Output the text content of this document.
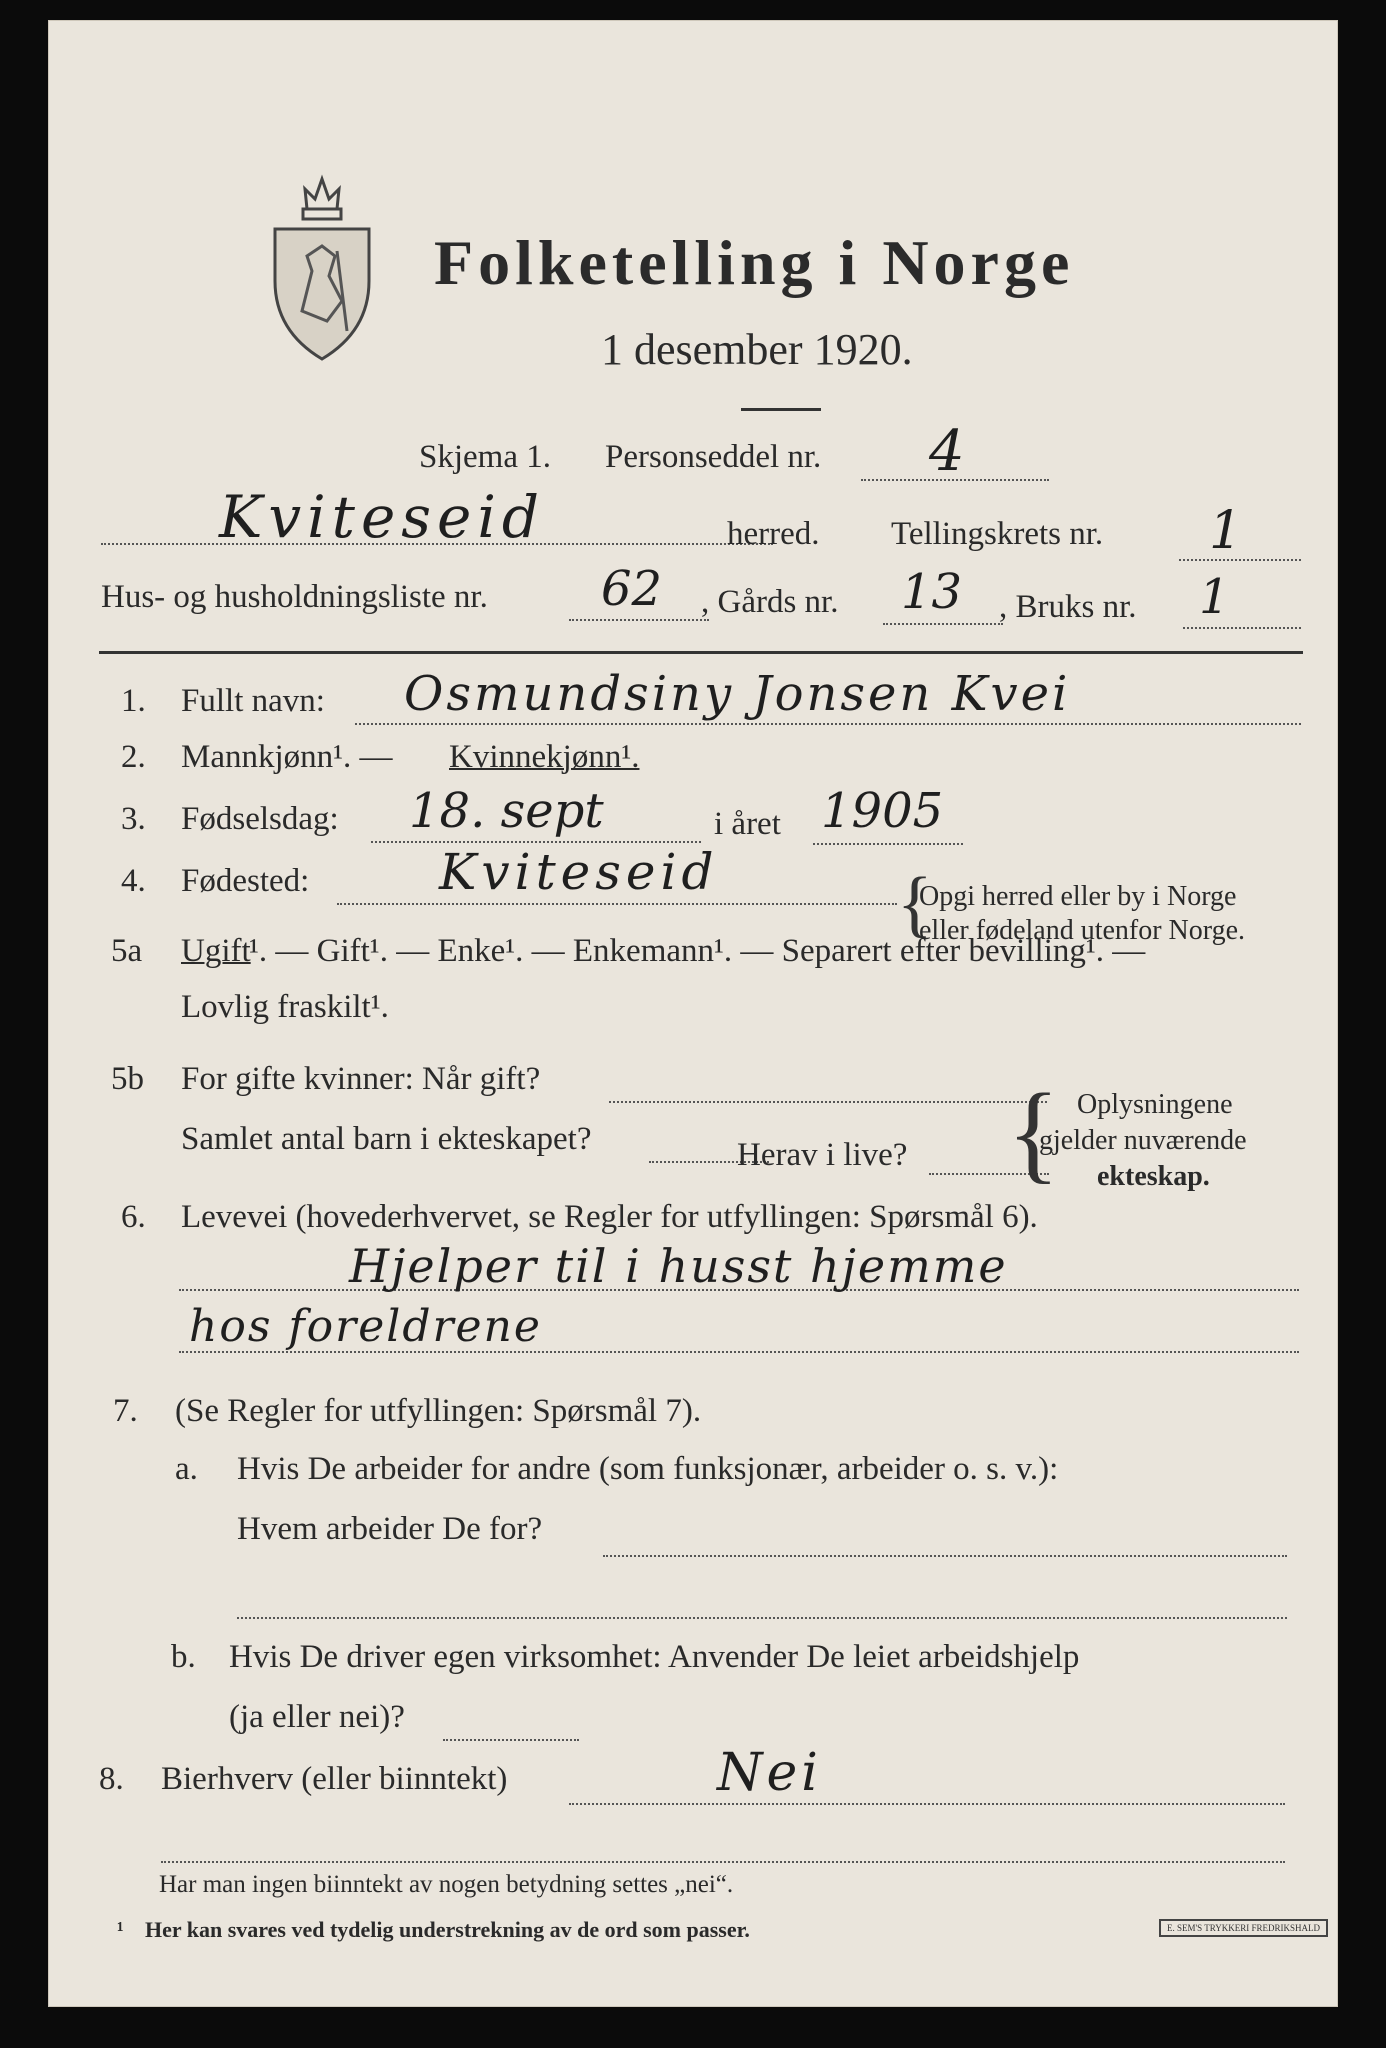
Folketelling i Norge
1 desember 1920.
Skjema 1. Personseddel nr. 4
Kviteseid	herred. Tellingskrets nr. 1
Hus- og husholdningsliste nr. 62 , Gårds nr. 13 , Bruks nr. 1
1. Fullt navn: Osmundsiny Jonsen Kvei
2. Mannkjønn¹. — Kvinnekjønn¹.
3. Fødselsdag: 18. sept	i året 1905
4. Fødested:	Kviteseid {
Opgi herred eller by i Norge
eller fødeland utenfor Norge.
5a Ugift
¹. — Gift¹. — Enke¹. — Enkemann¹. — Separert efter bevilling¹. —
Lovlig fraskilt¹.
5b For gifte kvinner: Når gift?
Samlet antal barn i ekteskapet?	Herav i live? { Oplysningene
gjelder nuværende
ekteskap.
6. Levevei (hovederhvervet, se Regler for utfyllingen: Spørsmål 6).
Hjelper til i husst hjemme
hos foreldrene
7. (Se Regler for utfyllingen: Spørsmål 7).
a. Hvis De arbeider for andre (som funksjonær, arbeider o. s. v.):
Hvem arbeider De for?
b. Hvis De driver egen virksomhet: Anvender De leiet arbeidshjelp
(ja eller nei)?
8. Bierhverv (eller biinntekt)	Nei
Har man ingen biinntekt av nogen betydning settes „nei“.
¹ Her kan svares ved tydelig understrekning av de ord som passer.	E. SEM'S TRYKKERI FREDRIKSHALD
